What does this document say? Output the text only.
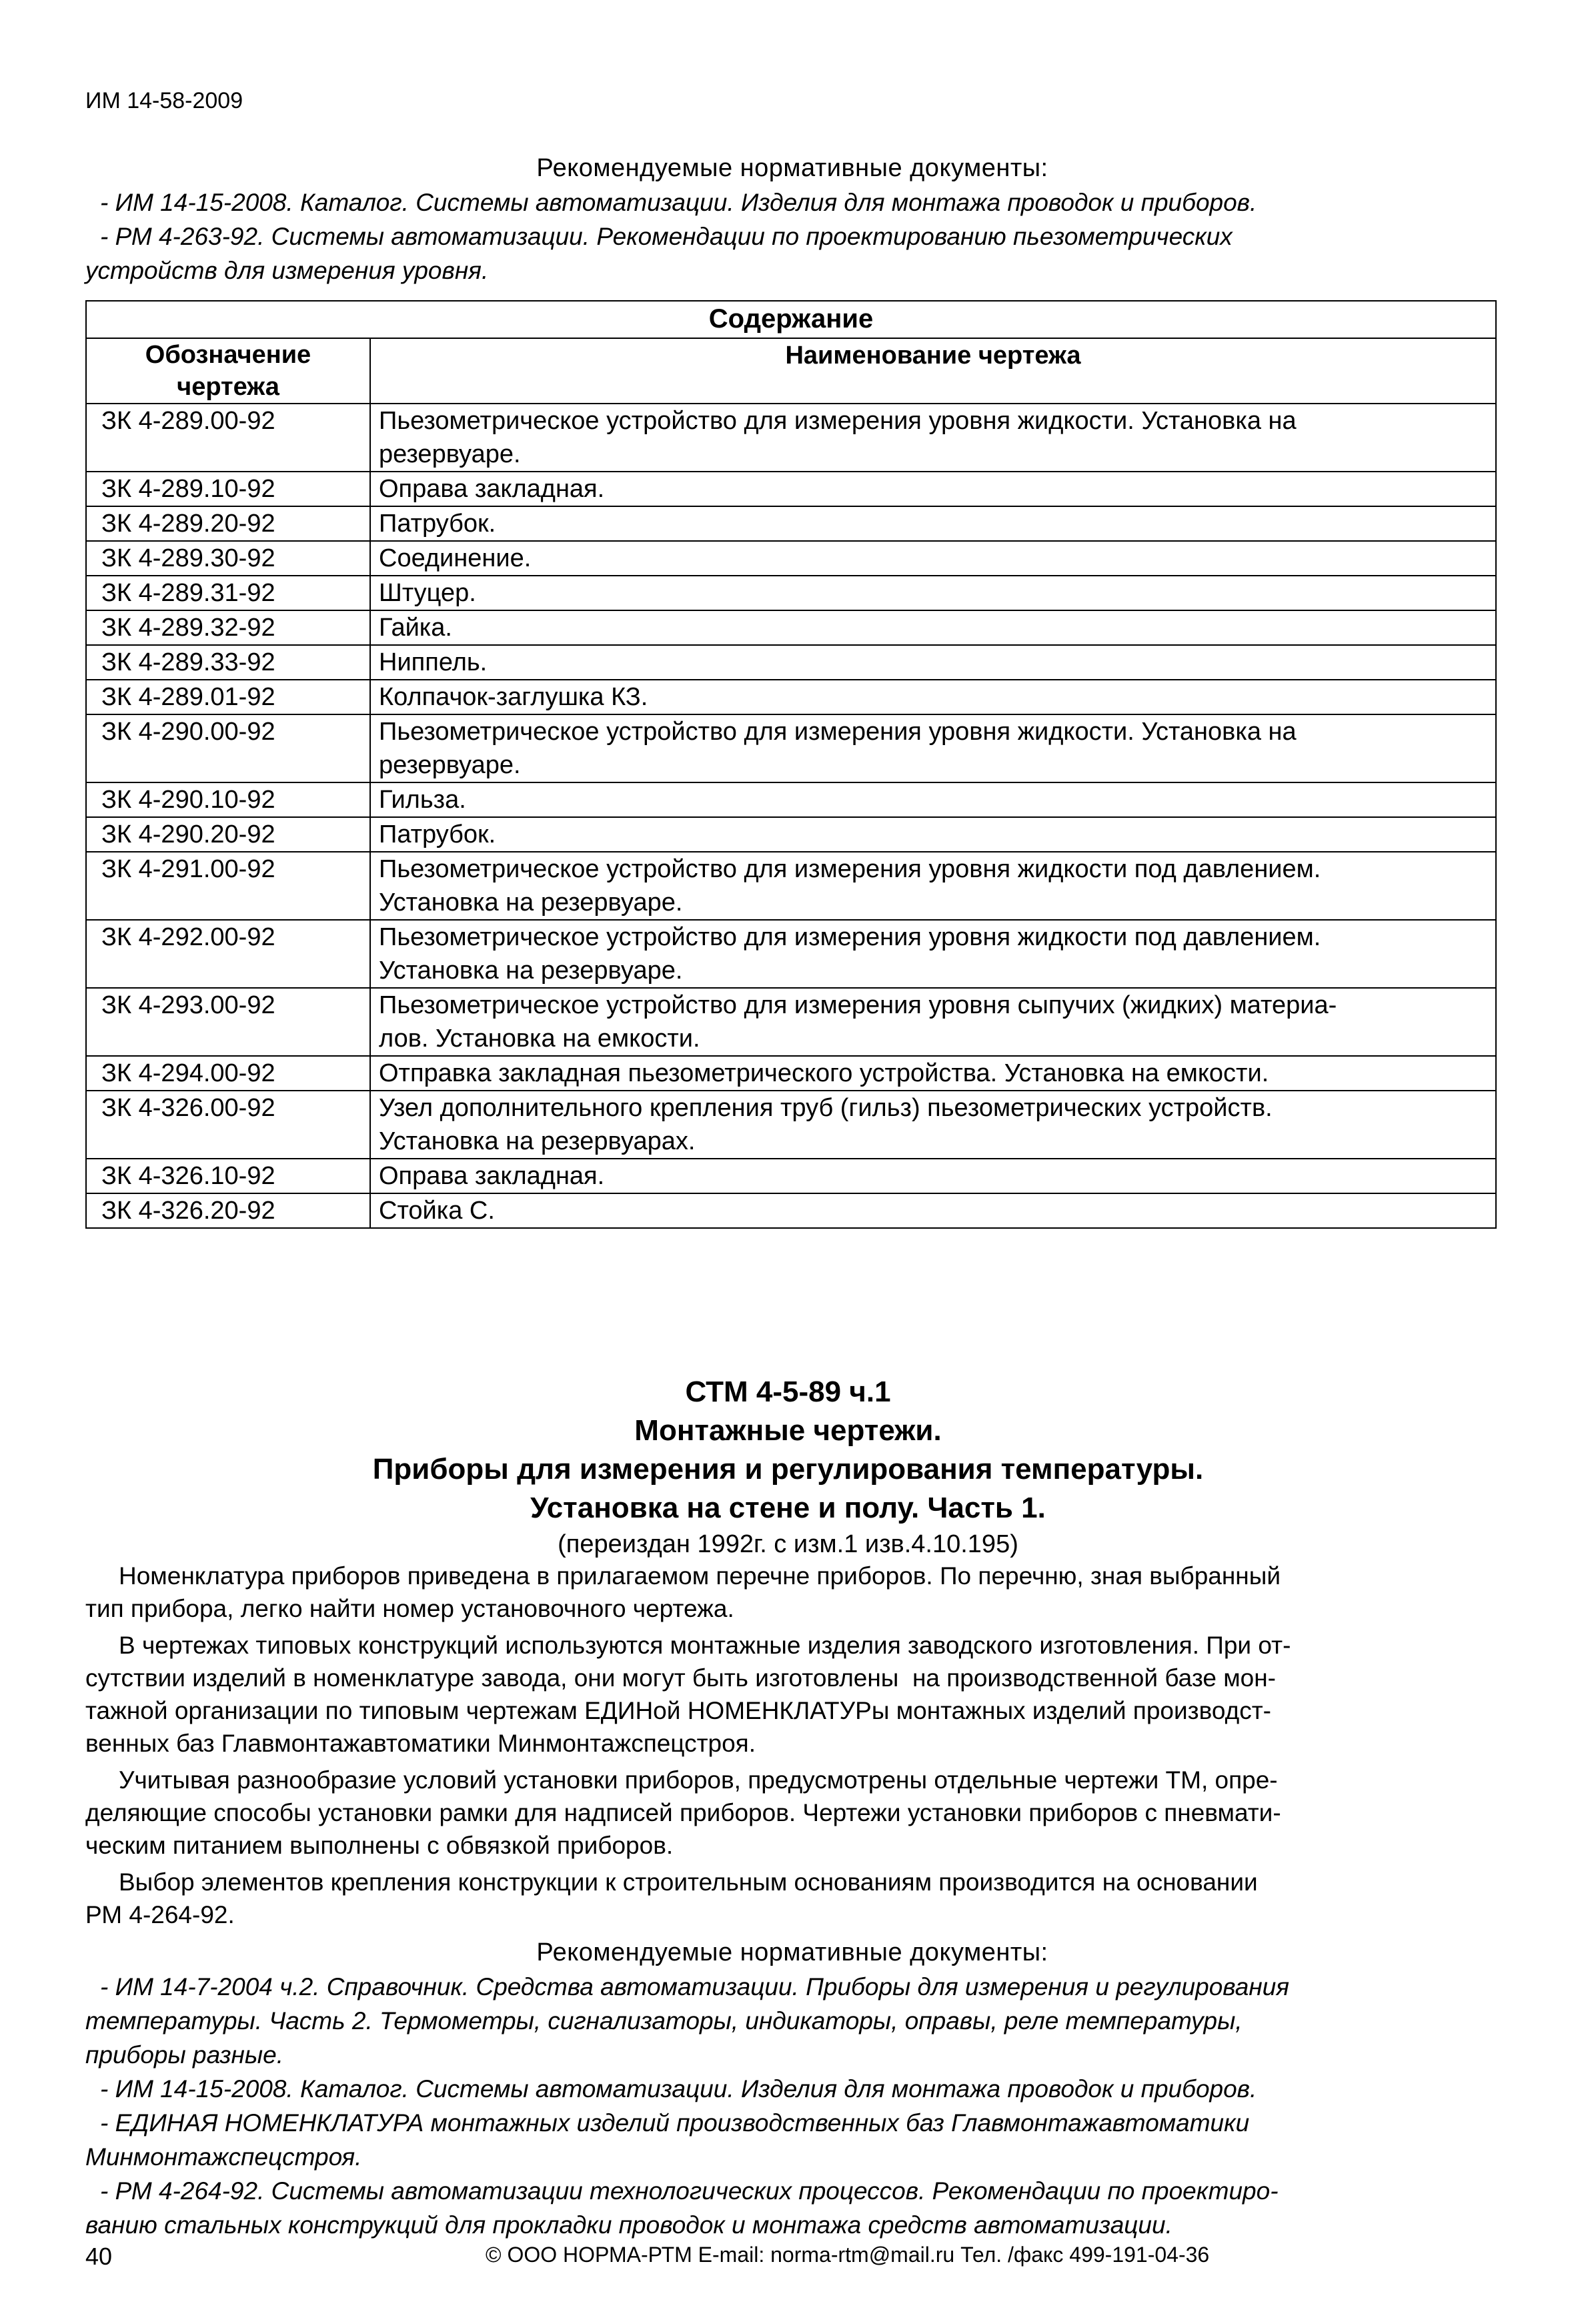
ИМ 14-58-2009
Рекомендуемые нормативные документы:
- ИМ 14-15-2008. Каталог. Системы автоматизации. Изделия для монтажа проводок и приборов.
- РМ 4-263-92. Системы автоматизации. Рекомендации по проектированию пьезометрических
устройств для измерения уровня.
Содержание	
Обозначение чертежа	Наименование чертежа
ЗК 4-289.00-92	Пьезометрическое устройство для измерения уровня жидкости. Установка на
резервуаре.

ЗК 4-289.10-92	Оправа закладная.

ЗК 4-289.20-92	Патрубок.

ЗК 4-289.30-92	Соединение.

ЗК 4-289.31-92	Штуцер.

ЗК 4-289.32-92	Гайка.

ЗК 4-289.33-92	Ниппель.

ЗК 4-289.01-92	Колпачок-заглушка КЗ.

ЗК 4-290.00-92	Пьезометрическое устройство для измерения уровня жидкости. Установка на
резервуаре.

ЗК 4-290.10-92	Гильза.

ЗК 4-290.20-92	Патрубок.

ЗК 4-291.00-92	Пьезометрическое устройство для измерения уровня жидкости под давлением.
Установка на резервуаре.

ЗК 4-292.00-92	Пьезометрическое устройство для измерения уровня жидкости под давлением.
Установка на резервуаре.

ЗК 4-293.00-92	Пьезометрическое устройство для измерения уровня сыпучих (жидких) материа-
лов. Установка на емкости.

ЗК 4-294.00-92	Отправка закладная пьезометрического устройства. Установка на емкости.

ЗК 4-326.00-92	Узел дополнительного крепления труб (гильз) пьезометрических устройств.
Установка на резервуарах.

ЗК 4-326.10-92	Оправа закладная.

ЗК 4-326.20-92	Стойка С.
СТМ 4-5-89 ч.1
Монтажные чертежи.
Приборы для измерения и регулирования температуры.
Установка на стене и полу. Часть 1.
(переиздан 1992г. с изм.1 изв.4.10.195)
Номенклатура приборов приведена в прилагаемом перечне приборов. По перечню, зная выбранный
тип прибора, легко найти номер установочного чертежа.
В чертежах типовых конструкций используются монтажные изделия заводского изготовления. При от-
сутствии изделий в номенклатуре завода, они могут быть изготовлены  на производственной базе мон-
тажной организации по типовым чертежам ЕДИНой НОМЕНКЛАТУРы монтажных изделий производст-
венных баз Главмонтажавтоматики Минмонтажспецстроя.
Учитывая разнообразие условий установки приборов, предусмотрены отдельные чертежи ТМ, опре-
деляющие способы установки рамки для надписей приборов. Чертежи установки приборов с пневмати-
ческим питанием выполнены с обвязкой приборов.
Выбор элементов крепления конструкции к строительным основаниям производится на основании
РМ 4-264-92.
Рекомендуемые нормативные документы:
- ИМ 14-7-2004 ч.2. Справочник. Средства автоматизации. Приборы для измерения и регулирования
температуры. Часть 2. Термометры, сигнализаторы, индикаторы, оправы, реле температуры,
приборы разные.
- ИМ 14-15-2008. Каталог. Системы автоматизации. Изделия для монтажа проводок и приборов.
- ЕДИНАЯ НОМЕНКЛАТУРА монтажных изделий производственных баз Главмонтажавтоматики
Минмонтажспецстроя.
- РМ 4-264-92. Системы автоматизации технологических процессов. Рекомендации по проектиро-
ванию стальных конструкций для прокладки проводок и монтажа средств автоматизации.
40	© ООО НОРМА-РТМ E-mail: norma-rtm@mail.ru Тел. /факс 499-191-04-36
